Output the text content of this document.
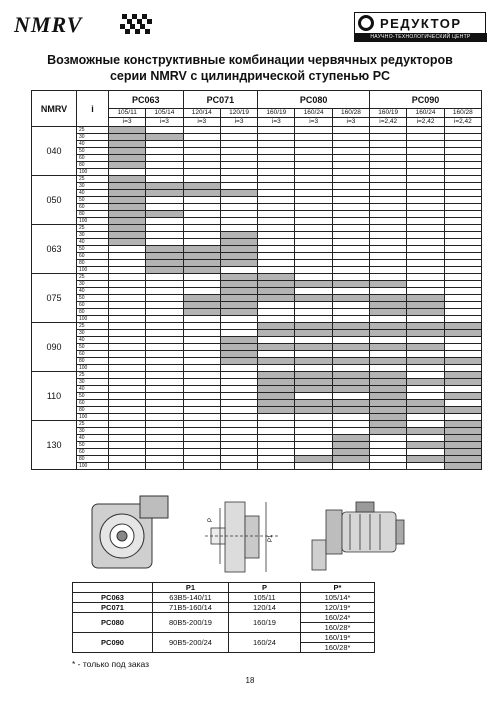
NMRV	РЕДУКТОР
НАУЧНО-ТЕХНОЛОГИЧЕСКИЙ ЦЕНТР
Возможные конструктивные комбинации червячных редукторов
серии NMRV с цилиндрической ступенью PC
NMRV	i	PC063		PC071		PC080			PC090		
		105/11	105/14	120/14	120/19	160/19	160/24	160/28	160/19	160/24	160/28
		i=3	i=3	i=3	i=3	i=3	i=3	i=3	i=2,42	i=2,42	i=2,42
040	25										
	30										
	40										
	50										
	60										
	80										
	100										
050	25										
	30										
	40										
	50										
	60										
	80										
	100										
063	25										
	30										
	40										
	50										
	60										
	80										
	100										
075	25										
	30										
	40										
	50										
	60										
	80										
	100										
090	25										
	30										
	40										
	50										
	60										
	80										
	100										
110	25										
	30										
	40										
	50										
	60										
	80										
	100										
130	25										
	30										
	40										
	50										
	60										
	80										
	100										
P
P1
	P1	P	P*
PC063	63B5-140/11	105/11	105/14*
PC071	71B5-160/14	120/14	120/19*
PC080	80B5-200/19	160/19	160/24*
			160/28*
PC090	90B5-200/24	160/24	160/19*
			160/28*
* - только под заказ
18
